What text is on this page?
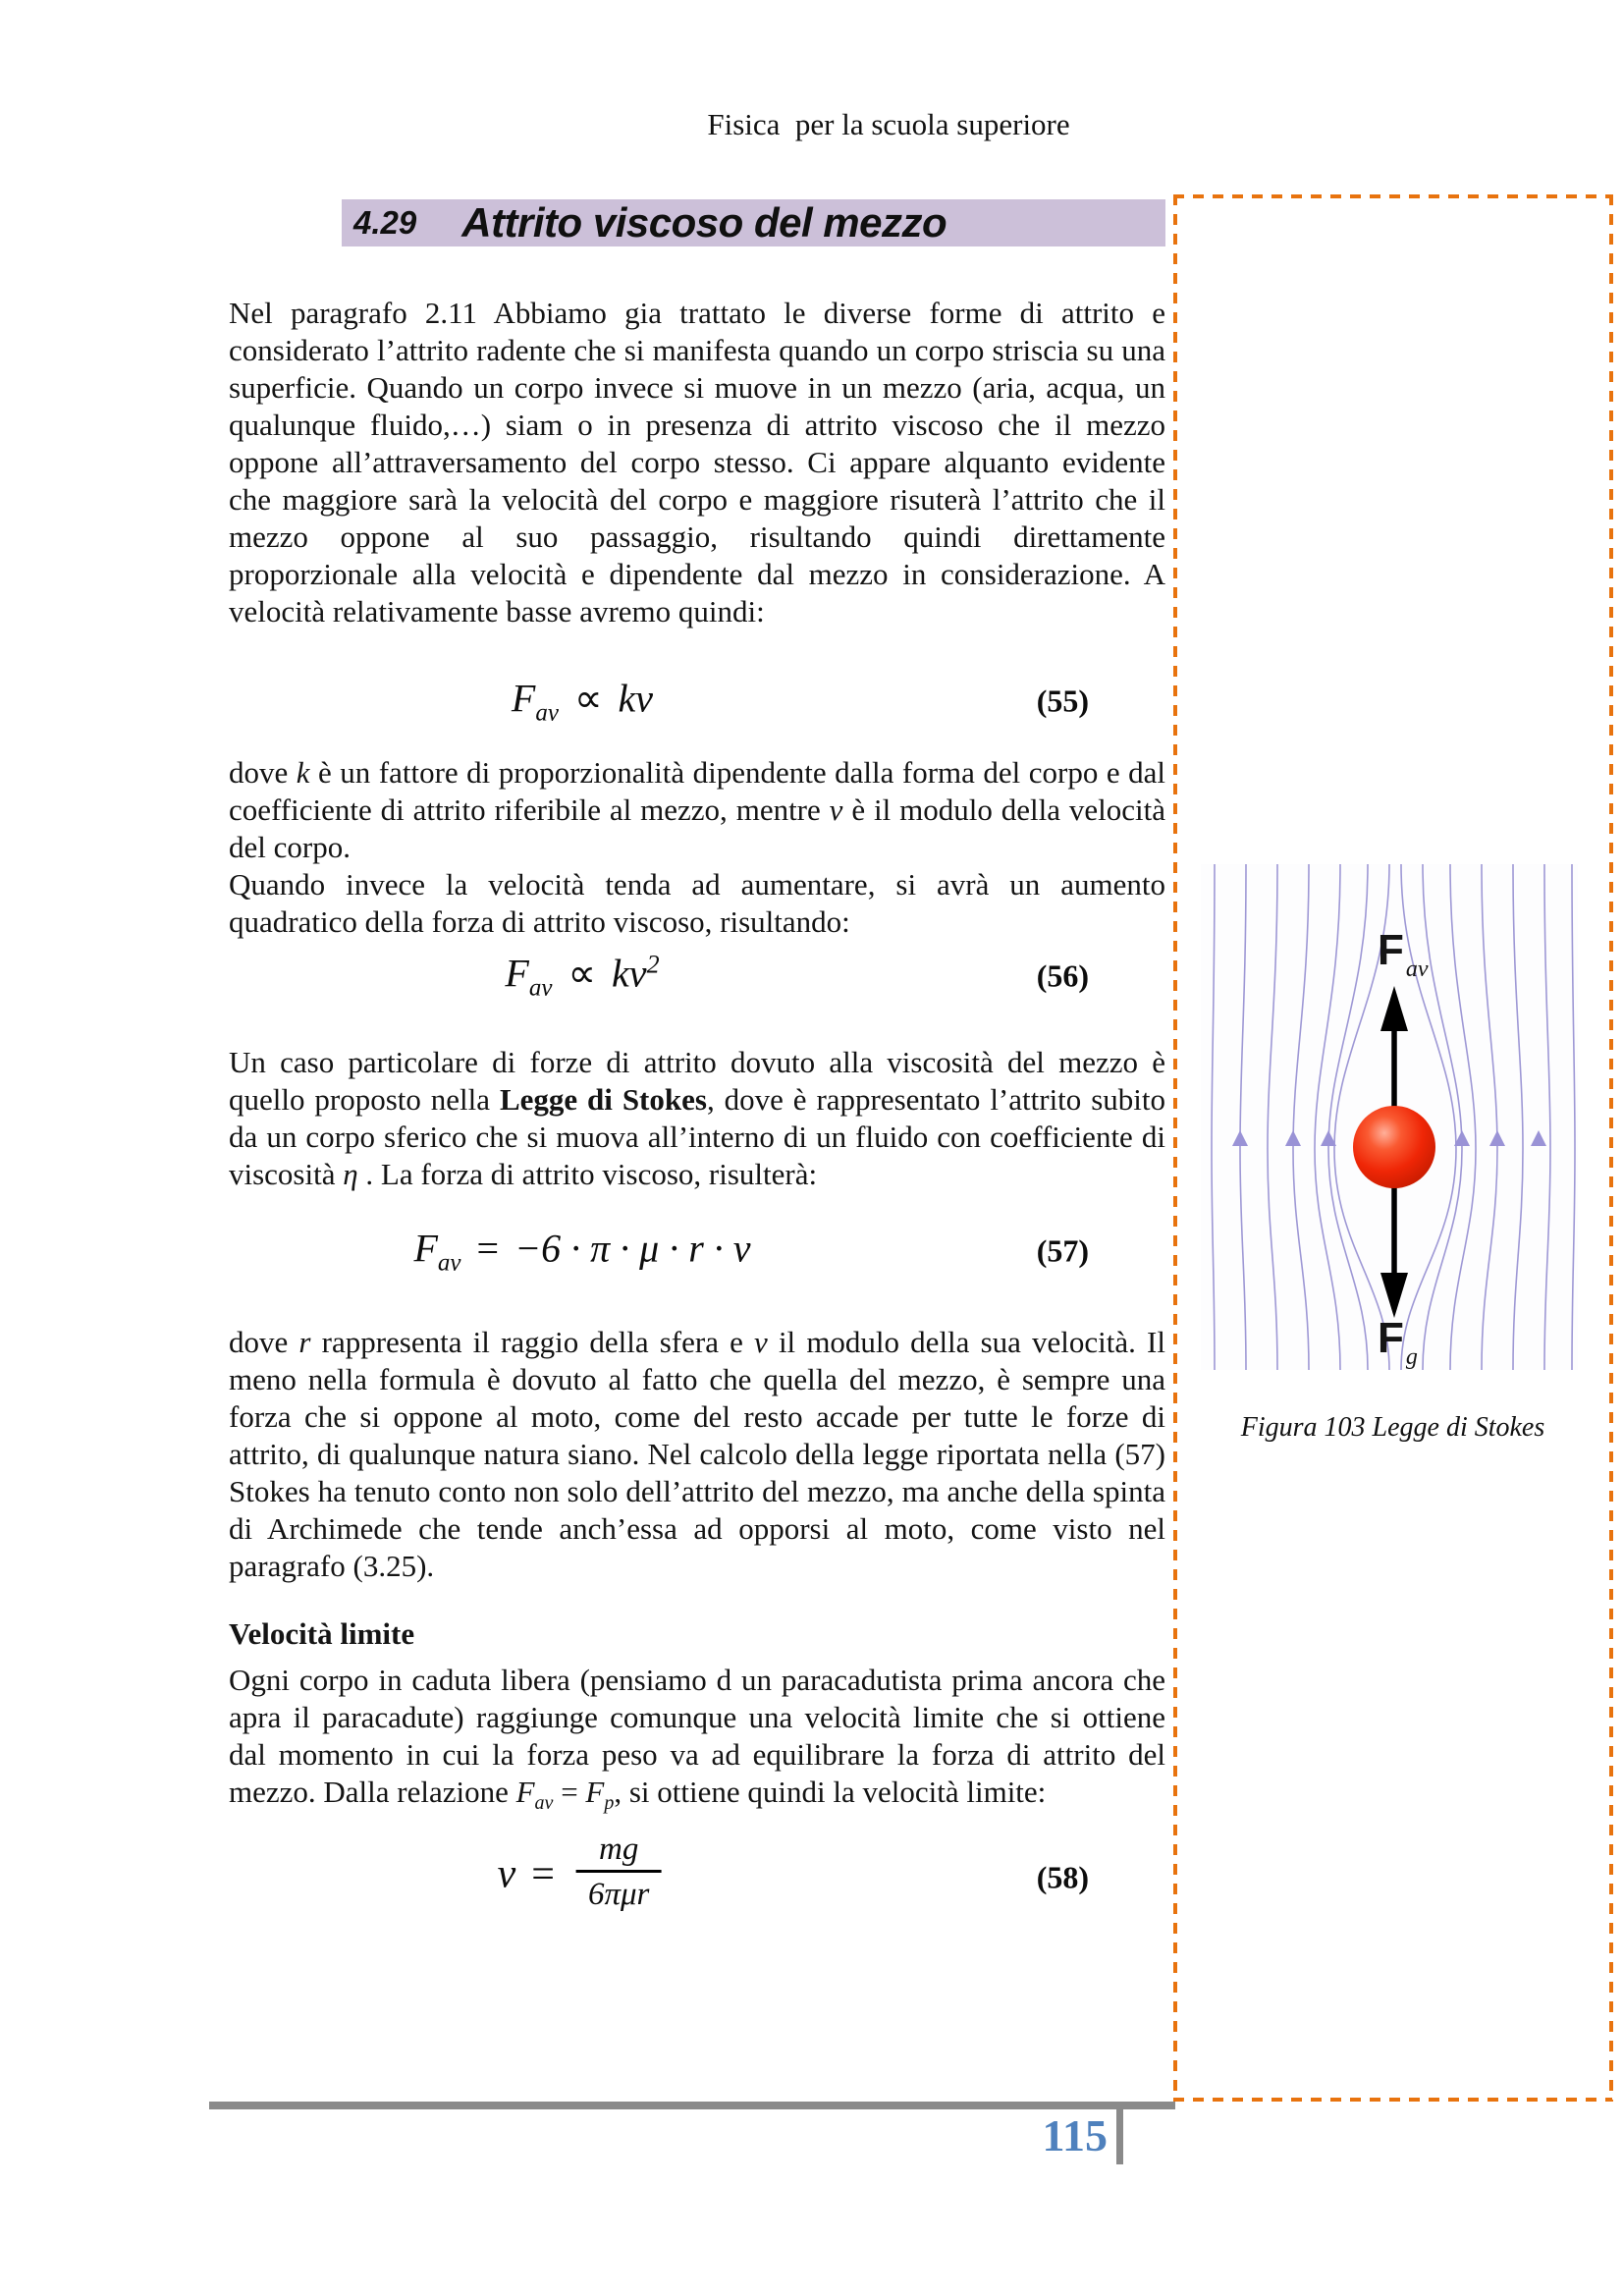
Fisica  per la scuola superiore
4.29 Attrito viscoso del mezzo

Nel paragrafo 2.11 Abbiamo gia trattato le diverse forme di attrito e considerato l’attrito radente che si manifesta quando un corpo striscia su una superficie. Quando un corpo invece si muove in un mezzo (aria, acqua, un qualunque fluido,…) siam o in presenza di attrito viscoso che il mezzo oppone all’attraversamento del corpo stesso. Ci appare alquanto evidente che maggiore sarà la velocità del corpo e maggiore risuterà l’attrito che il mezzo oppone al suo passaggio, risultando quindi direttamente proporzionale alla velocità e dipendente dal mezzo in considerazione. A velocità relativamente basse avremo quindi:

$F_{av}$ ∝ kv	(55)

dove k è un fattore di proporzionalità dipendente dalla forma del corpo e dal coefficiente di attrito riferibile al mezzo, mentre v è il modulo della velocità del corpo.

Quando invece la velocità tenda ad aumentare, si avrà un aumento quadratico della forza di attrito viscoso, risultando:

$F_{av} \propto kv^2$	(56)

Un caso particolare di forze di attrito dovuto alla viscosità del mezzo è quello proposto nella Legge di Stokes, dove è rappresentato l’attrito subito da un corpo sferico che si muova all’interno di un fluido con coefficiente di viscosità η . La forza di attrito viscoso, risulterà:

$F_{av} = -6 \cdot \pi \cdot \mu \cdot r \cdot v$	(57)

dove r rappresenta il raggio della sfera e v il modulo della sua velocità. Il meno nella formula è dovuto al fatto che quella del mezzo, è sempre una forza che si oppone al moto, come del resto accade per tutte le forze di attrito, di qualunque natura siano. Nel calcolo della legge riportata nella (57) Stokes ha tenuto conto non solo dell’attrito del mezzo, ma anche della spinta di Archimede che tende anch’essa ad opporsi al moto, come visto nel paragrafo (3.25).

Velocità limite

Ogni corpo in caduta libera (pensiamo d un paracadutista prima ancora che apra il paracadute) raggiunge comunque una velocità limite che si ottiene dal momento in cui la forza peso va ad equilibrare la forza di attrito del mezzo. Dalla relazione $F_{av} = F_p$, si ottiene quindi la velocità limite:

$v = \frac{mg}{\text{6πμr}}$	(58)
$F_{av}$
$F_g$
Figura 103 Legge di Stokes
115
